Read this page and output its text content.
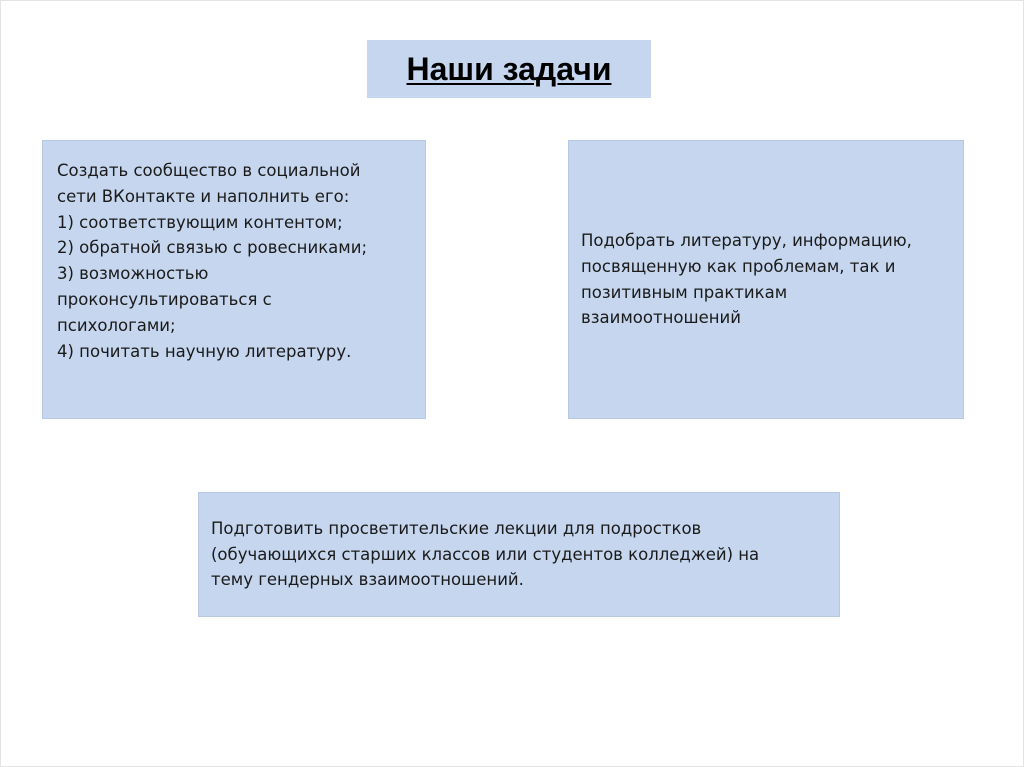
Наши задачи
Создать сообщество в социальной
сети ВКонтакте и наполнить его:
1) соответствующим контентом;
2) обратной связью с ровесниками;
3) возможностью
проконсультироваться с
психологами;
4) почитать научную литературу.
Подобрать литературу, информацию,
посвященную как проблемам, так и
позитивным практикам
взаимоотношений
Подготовить просветительские лекции для подростков
(обучающихся старших классов или студентов колледжей) на
тему гендерных взаимоотношений.
